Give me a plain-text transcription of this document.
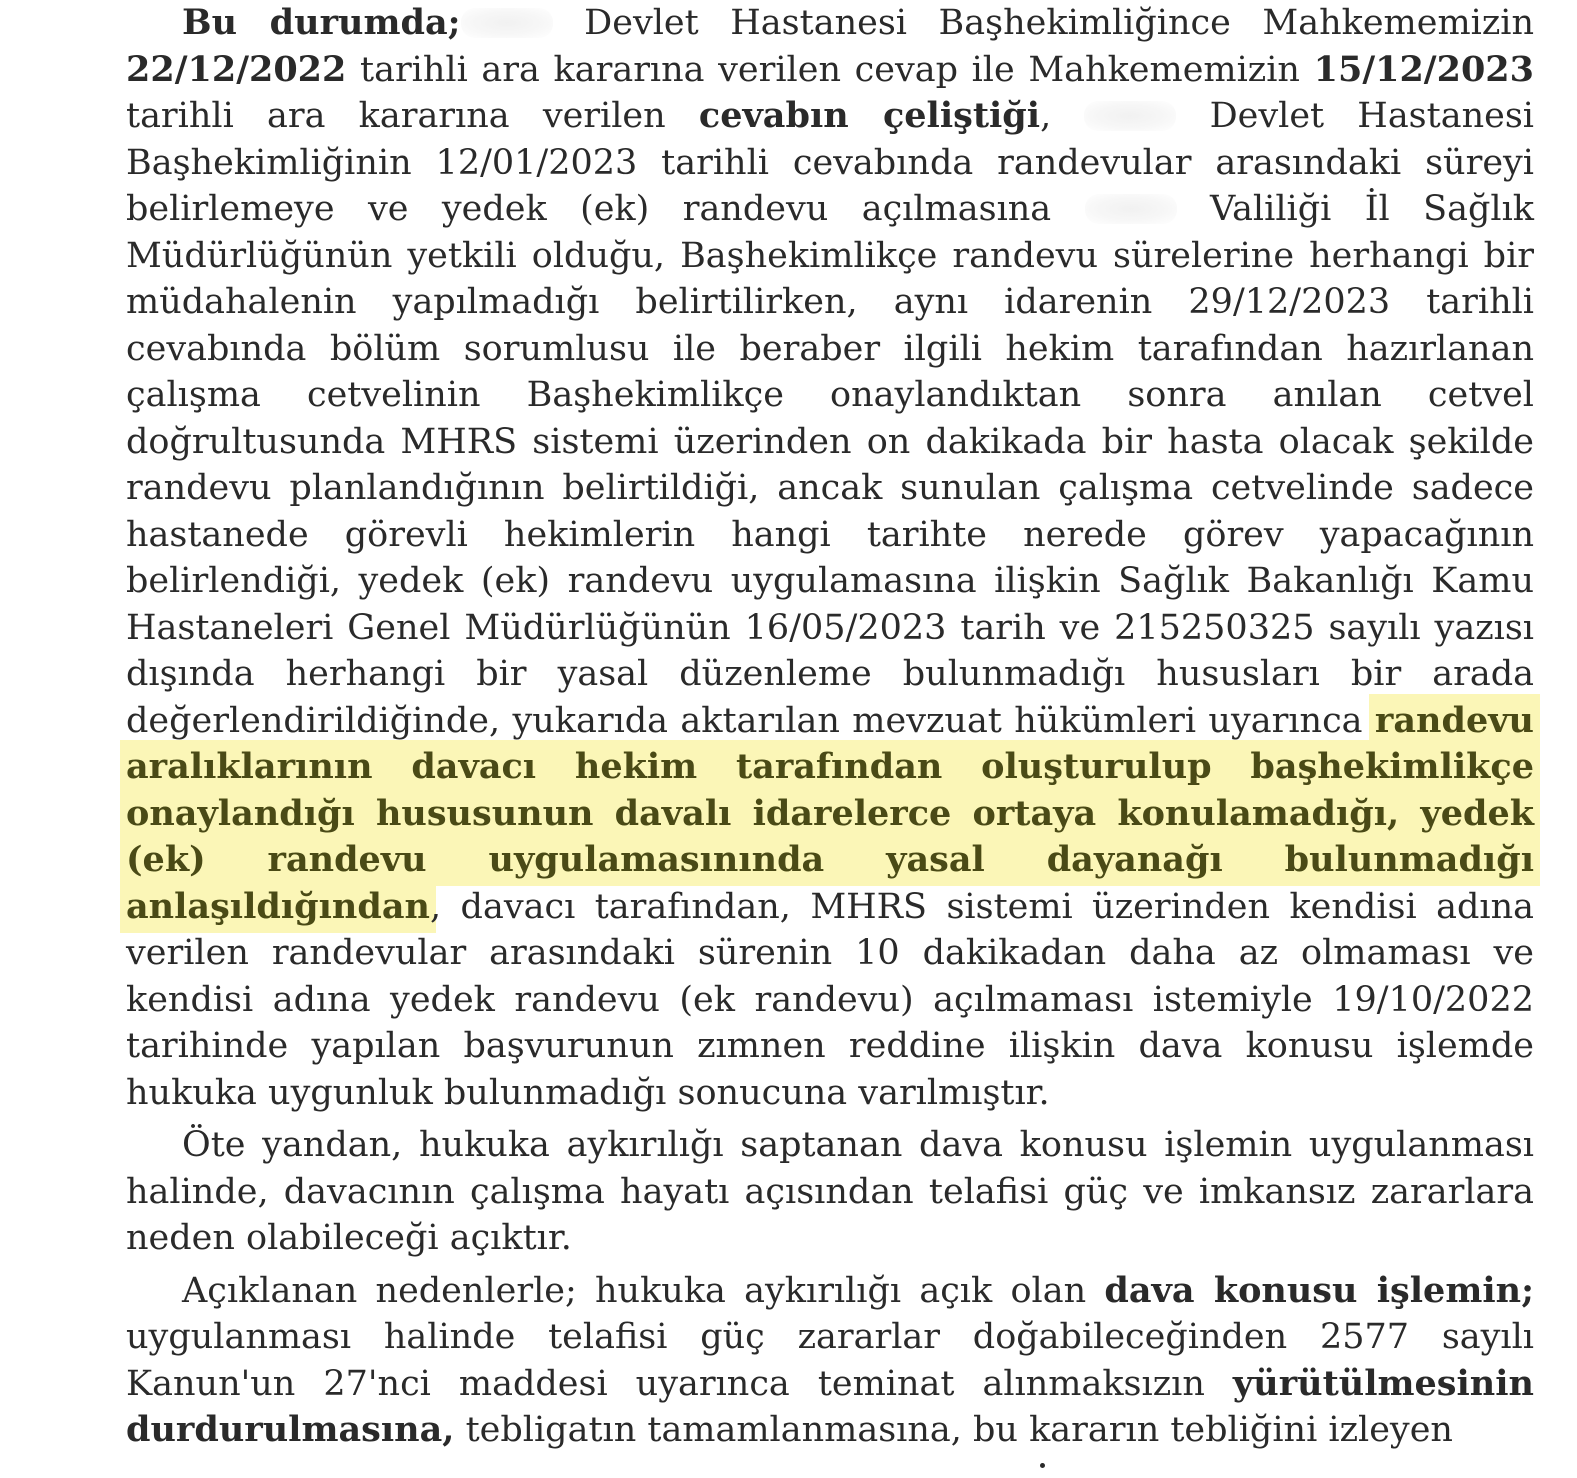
Bu durumda;	Devlet Hastanesi Başhekimliğince Mahkememizin 22/12/2022 tarihli ara kararına verilen cevap ile Mahkememizin 15/12/2023 tarihli ara kararına verilen cevabın çeliştiği,	Devlet Hastanesi Başhekimliğinin 12/01/2023 tarihli cevabında randevular arasındaki süreyi belirlemeye ve yedek (ek) randevu açılmasına	Valiliği İl Sağlık Müdürlüğünün yetkili olduğu, Başhekimlikçe randevu sürelerine herhangi bir müdahalenin yapılmadığı belirtilirken, aynı idarenin 29/12/2023 tarihli cevabında bölüm sorumlusu ile beraber ilgili hekim tarafından hazırlanan çalışma cetvelinin Başhekimlikçe onaylandıktan sonra anılan cetvel doğrultusunda MHRS sistemi üzerinden on dakikada bir hasta olacak şekilde randevu planlandığının belirtildiği, ancak sunulan çalışma cetvelinde sadece hastanede görevli hekimlerin hangi tarihte nerede görev yapacağının belirlendiği, yedek (ek) randevu uygulamasına ilişkin Sağlık Bakanlığı Kamu Hastaneleri Genel Müdürlüğünün 16/05/2023 tarih ve 215250325 sayılı yazısı dışında herhangi bir yasal düzenleme bulunmadığı hususları bir arada değerlendirildiğinde, yukarıda aktarılan mevzuat hükümleri uyarınca randevu aralıklarının davacı hekim tarafından oluşturulup başhekimlikçe onaylandığı hususunun davalı idarelerce ortaya konulamadığı, yedek (ek) randevu uygulamasınında yasal dayanağı bulunmadığı anlaşıldığından, davacı tarafından, MHRS sistemi üzerinden kendisi adına verilen randevular arasındaki sürenin 10 dakikadan daha az olmaması ve kendisi adına yedek randevu (ek randevu) açılmaması istemiyle 19/10/2022 tarihinde yapılan başvurunun zımnen reddine ilişkin dava konusu işlemde hukuka uygunluk bulunmadığı sonucuna varılmıştır.

Öte yandan, hukuka aykırılığı saptanan dava konusu işlemin uygulanması halinde, davacının çalışma hayatı açısından telafisi güç ve imkansız zararlara neden olabileceği açıktır.

Açıklanan nedenlerle; hukuka aykırılığı açık olan dava konusu işlemin; uygulanması halinde telafisi güç zararlar doğabileceğinden 2577 sayılı Kanun'un 27'nci maddesi uyarınca teminat alınmaksızın yürütülmesinin durdurulmasına, tebligatın tamamlanmasına, bu kararın tebliğini izleyen
